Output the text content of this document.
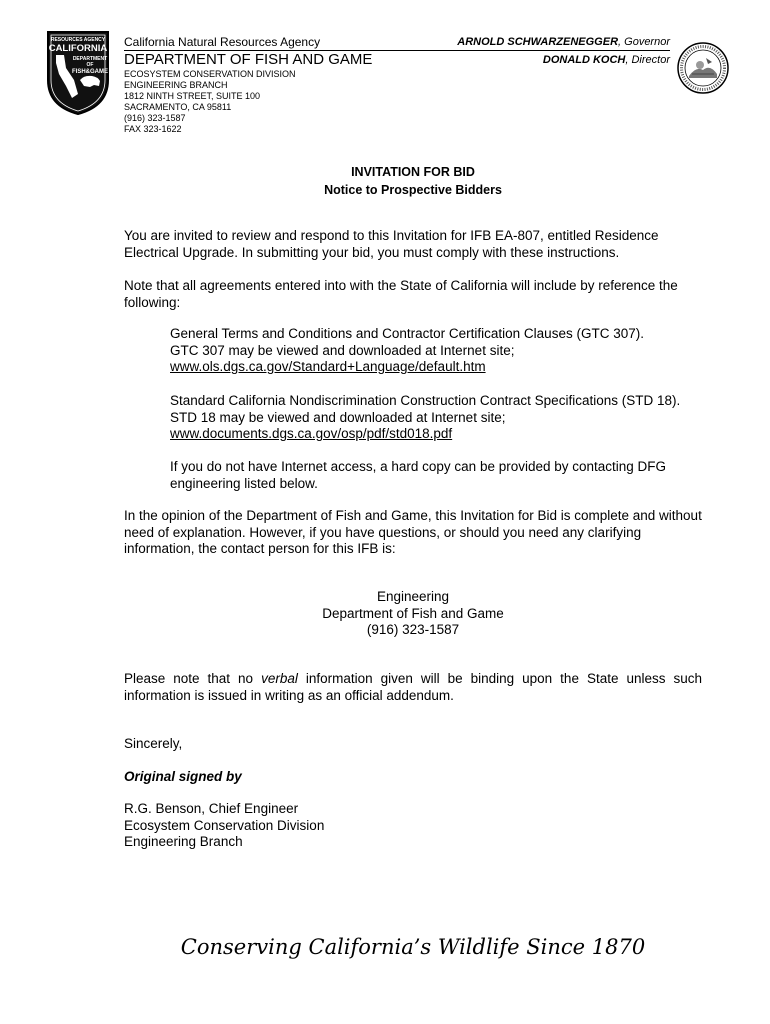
RESOURCES AGENCY
CALIFORNIA
DEPARTMENT
OF
FISH&GAME
California Natural Resources Agency	ARNOLD SCHWARZENEGGER, Governor
DEPARTMENT OF FISH AND GAME	DONALD KOCH, Director
ECOSYSTEM CONSERVATION DIVISION
ENGINEERING BRANCH
1812 NINTH STREET, SUITE 100
SACRAMENTO, CA 95811
(916) 323-1587
FAX 323-1622
INVITATION FOR BID
Notice to Prospective Bidders
You are invited to review and respond to this Invitation for IFB EA-807, entitled Residence Electrical Upgrade. In submitting your bid, you must comply with these instructions.
Note that all agreements entered into with the State of California will include by reference the following:
General Terms and Conditions and Contractor Certification Clauses (GTC 307).
GTC 307 may be viewed and downloaded at Internet site;
www.ols.dgs.ca.gov/Standard+Language/default.htm
Standard California Nondiscrimination Construction Contract Specifications (STD 18).
STD 18 may be viewed and downloaded at Internet site;
www.documents.dgs.ca.gov/osp/pdf/std018.pdf
If you do not have Internet access, a hard copy can be provided by contacting DFG engineering listed below.
In the opinion of the Department of Fish and Game, this Invitation for Bid is complete and without need of explanation. However, if you have questions, or should you need any clarifying information, the contact person for this IFB is:
Engineering
Department of Fish and Game
(916) 323-1587
Please note that no verbal information given will be binding upon the State unless such information is issued in writing as an official addendum.
Sincerely,
Original signed by
R.G. Benson, Chief Engineer
Ecosystem Conservation Division
Engineering Branch
Conserving California’s Wildlife Since 1870
